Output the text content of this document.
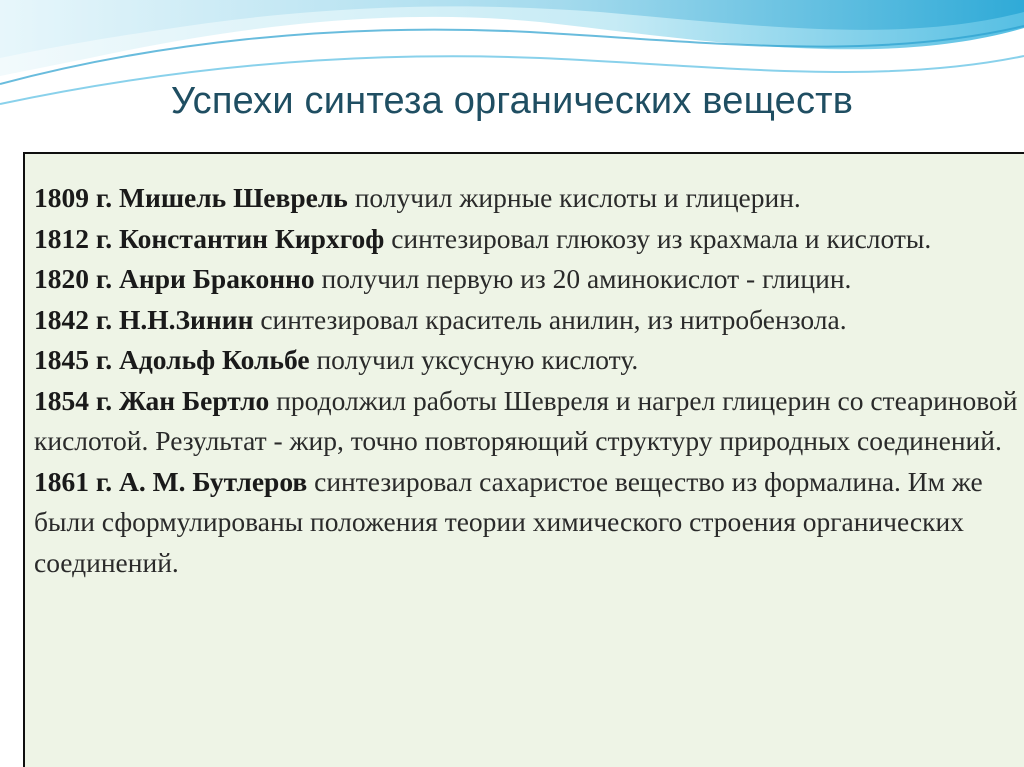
Успехи синтеза органических веществ

1809 г. Мишель Шеврель получил жирные кислоты и глицерин.

1812 г. Константин Кирхгоф синтезировал глюкозу из крахмала и кислоты.

1820 г. Анри Браконно получил первую из 20 аминокислот - глицин.

1842 г. Н.Н.Зинин синтезировал краситель анилин, из нитробензола.

1845 г. Адольф Кольбе получил уксусную кислоту.

1854 г. Жан Бертло продолжил работы Шевреля и нагрел глицерин со стеариновой кислотой. Результат - жир, точно повторяющий структуру природных соединений.

1861 г. А. М. Бутлеров синтезировал сахаристое вещество из формалина. Им же были сформулированы положения теории химического строения органических соединений.
